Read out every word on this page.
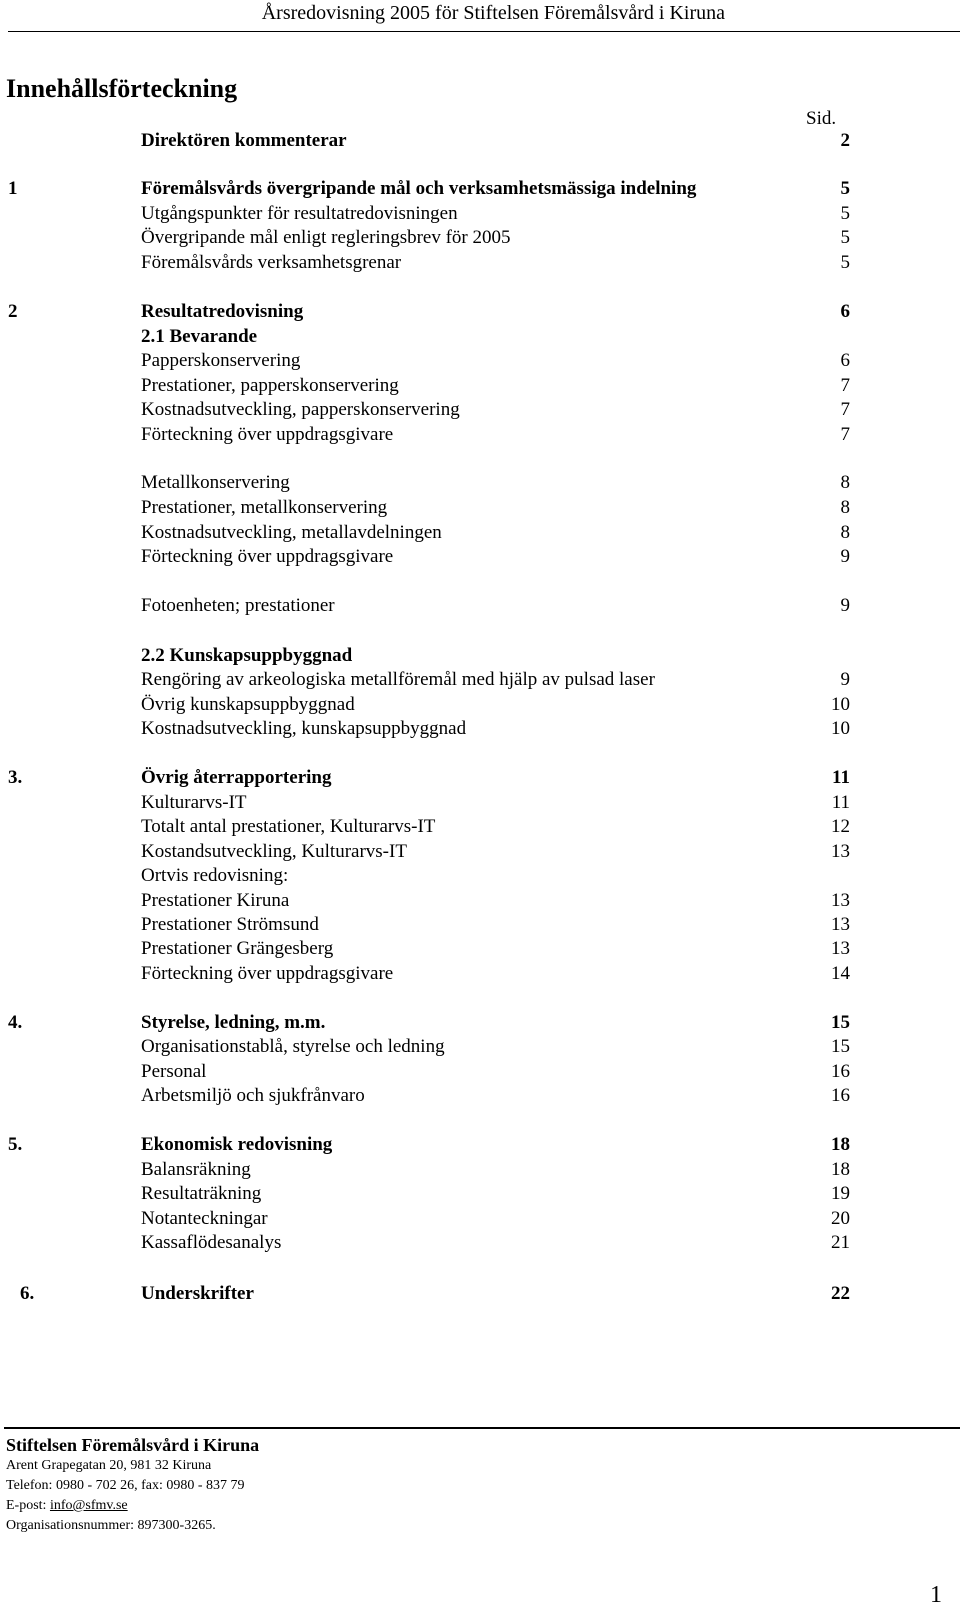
Årsredovisning 2005 för Stiftelsen Föremålsvård i Kiruna
Innehållsförteckning
Sid.
Direktören kommenterar	2
1	Föremålsvårds övergripande mål och verksamhetsmässiga indelning	5
Utgångspunkter för resultatredovisningen	5
Övergripande mål enligt regleringsbrev för 2005	5
Föremålsvårds verksamhetsgrenar	5
2	Resultatredovisning	6
2.1 Bevarande
Papperskonservering	6
Prestationer, papperskonservering	7
Kostnadsutveckling, papperskonservering	7
Förteckning över uppdragsgivare	7
Metallkonservering	8
Prestationer, metallkonservering	8
Kostnadsutveckling, metallavdelningen	8
Förteckning över uppdragsgivare	9
Fotoenheten; prestationer	9
2.2 Kunskapsuppbyggnad
Rengöring av arkeologiska metallföremål med hjälp av pulsad laser	9
Övrig kunskapsuppbyggnad	10
Kostnadsutveckling, kunskapsuppbyggnad	10
3.	Övrig återrapportering	11
Kulturarvs-IT	11
Totalt antal prestationer, Kulturarvs-IT	12
Kostandsutveckling, Kulturarvs-IT	13
Ortvis redovisning:
Prestationer Kiruna	13
Prestationer Strömsund	13
Prestationer Grängesberg	13
Förteckning över uppdragsgivare	14
4.	Styrelse, ledning, m.m.	15
Organisationstablå, styrelse och ledning	15
Personal	16
Arbetsmiljö och sjukfrånvaro	16
5.	Ekonomisk redovisning	18
Balansräkning	18
Resultaträkning	19
Notanteckningar	20
Kassaflödesanalys	21
6.	Underskrifter	22
Stiftelsen Föremålsvård i Kiruna
Arent Grapegatan 20, 981 32 Kiruna
Telefon: 0980 - 702 26, fax: 0980 - 837 79
E-post: info@sfmv.se
Organisationsnummer: 897300-3265.
1
